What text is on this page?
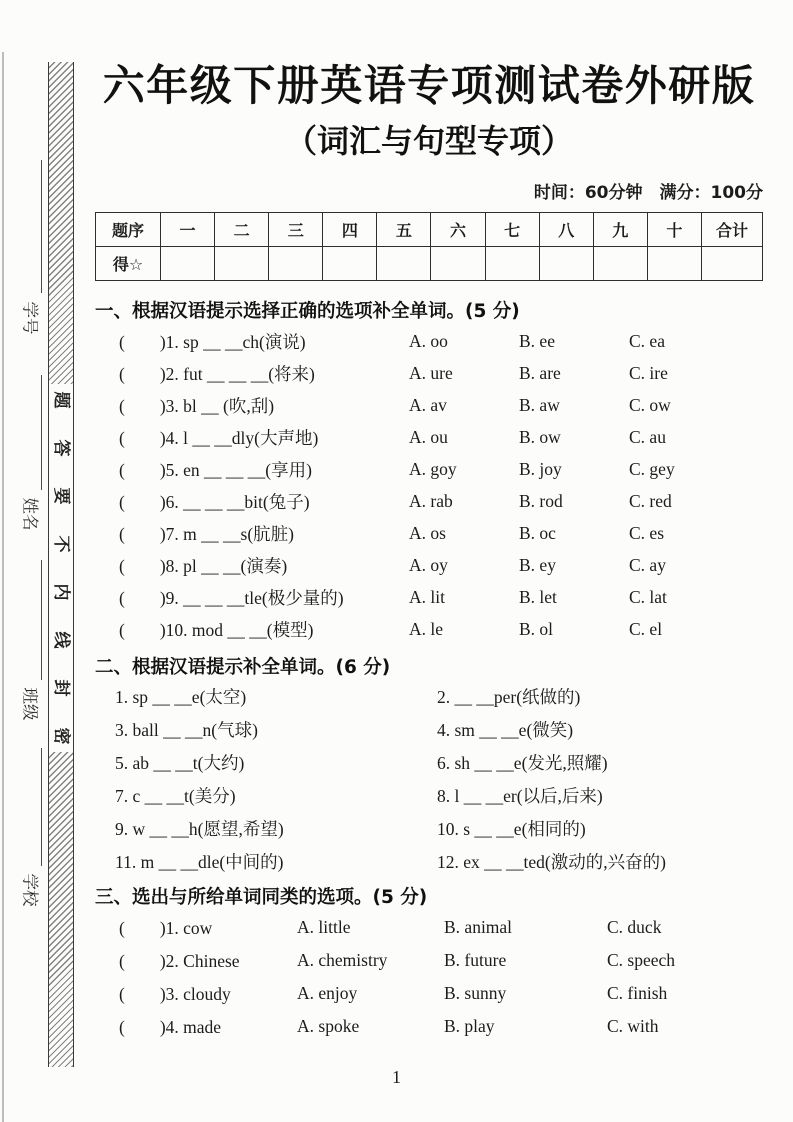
题
答
要
不
内
线
封
密
学号
姓名
班级
学校
六年级下册英语专项测试卷外研版
（词汇与句型专项）
时间：60分钟　满分：100分
题序	一	二	三	四	五	六	七	八	九	十	合计
得☆											
一、根据汉语提示选择正确的选项补全单词。(5 分)
(　　)1. sp __ __ch(演说)	A. oo	B. ee	C. ea
(　　)2. fut __ __ __(将来)	A. ure	B. are	C. ire
(　　)3. bl __ (吹,刮)	A. av	B. aw	C. ow
(　　)4. l __ __dly(大声地)	A. ou	B. ow	C. au
(　　)5. en __ __ __(享用)	A. goy	B. joy	C. gey
(　　)6. __ __ __bit(兔子)	A. rab	B. rod	C. red
(　　)7. m __ __s(肮脏)	A. os	B. oc	C. es
(　　)8. pl __ __(演奏)	A. oy	B. ey	C. ay
(　　)9. __ __ __tle(极少量的)	A. lit	B. let	C. lat
(　　)10. mod __ __(模型)	A. le	B. ol	C. el
二、根据汉语提示补全单词。(6 分)
1. sp __ __e(太空)	2. __ __per(纸做的)
3. ball __ __n(气球)	4. sm __ __e(微笑)
5. ab __ __t(大约)	6. sh __ __e(发光,照耀)
7. c __ __t(美分)	8. l __ __er(以后,后来)
9. w __ __h(愿望,希望)	10. s __ __e(相同的)
11. m __ __dle(中间的)	12. ex __ __ted(激动的,兴奋的)
三、选出与所给单词同类的选项。(5 分)
(　　)1. cow	A. little	B. animal	C. duck
(　　)2. Chinese	A. chemistry	B. future	C. speech
(　　)3. cloudy	A. enjoy	B. sunny	C. finish
(　　)4. made	A. spoke	B. play	C. with
1
